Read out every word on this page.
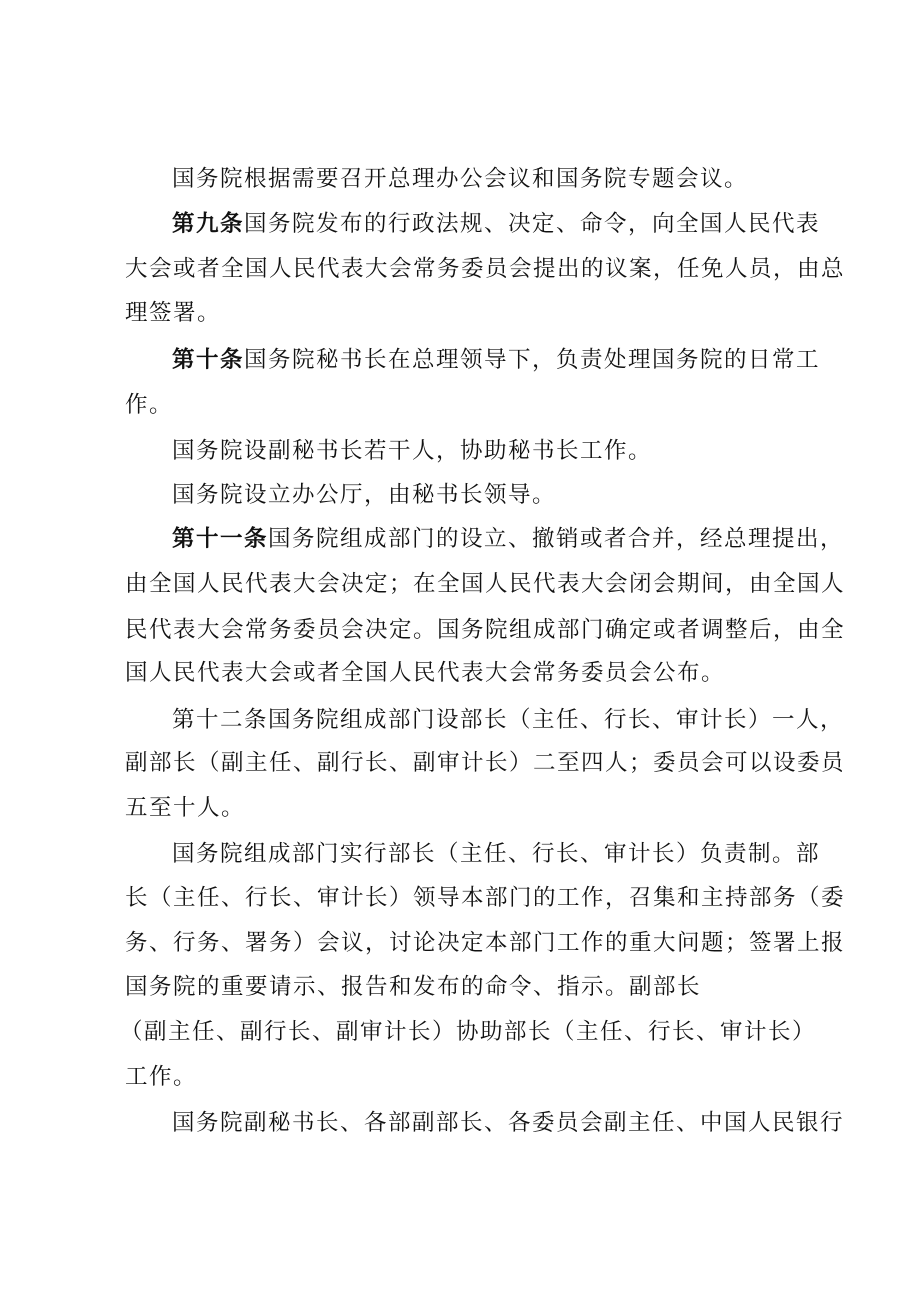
国务院根据需要召开总理办公会议和国务院专题会议。
第九条国务院发布的行政法规、决定、命令，向全国人民代表
大会或者全国人民代表大会常务委员会提出的议案，任免人员，由总
理签署。
第十条国务院秘书长在总理领导下，负责处理国务院的日常工
作。
国务院设副秘书长若干人，协助秘书长工作。
国务院设立办公厅，由秘书长领导。
第十一条国务院组成部门的设立、撤销或者合并，经总理提出，
由全国人民代表大会决定；在全国人民代表大会闭会期间，由全国人
民代表大会常务委员会决定。国务院组成部门确定或者调整后，由全
国人民代表大会或者全国人民代表大会常务委员会公布。
第十二条国务院组成部门设部长（主任、行长、审计长）一人，
副部长（副主任、副行长、副审计长）二至四人；委员会可以设委员
五至十人。
国务院组成部门实行部长（主任、行长、审计长）负责制。部
长（主任、行长、审计长）领导本部门的工作，召集和主持部务（委
务、行务、署务）会议，讨论决定本部门工作的重大问题；签署上报
国务院的重要请示、报告和发布的命令、指示。副部长
（副主任、副行长、副审计长）协助部长（主任、行长、审计长）
工作。
国务院副秘书长、各部副部长、各委员会副主任、中国人民银行
